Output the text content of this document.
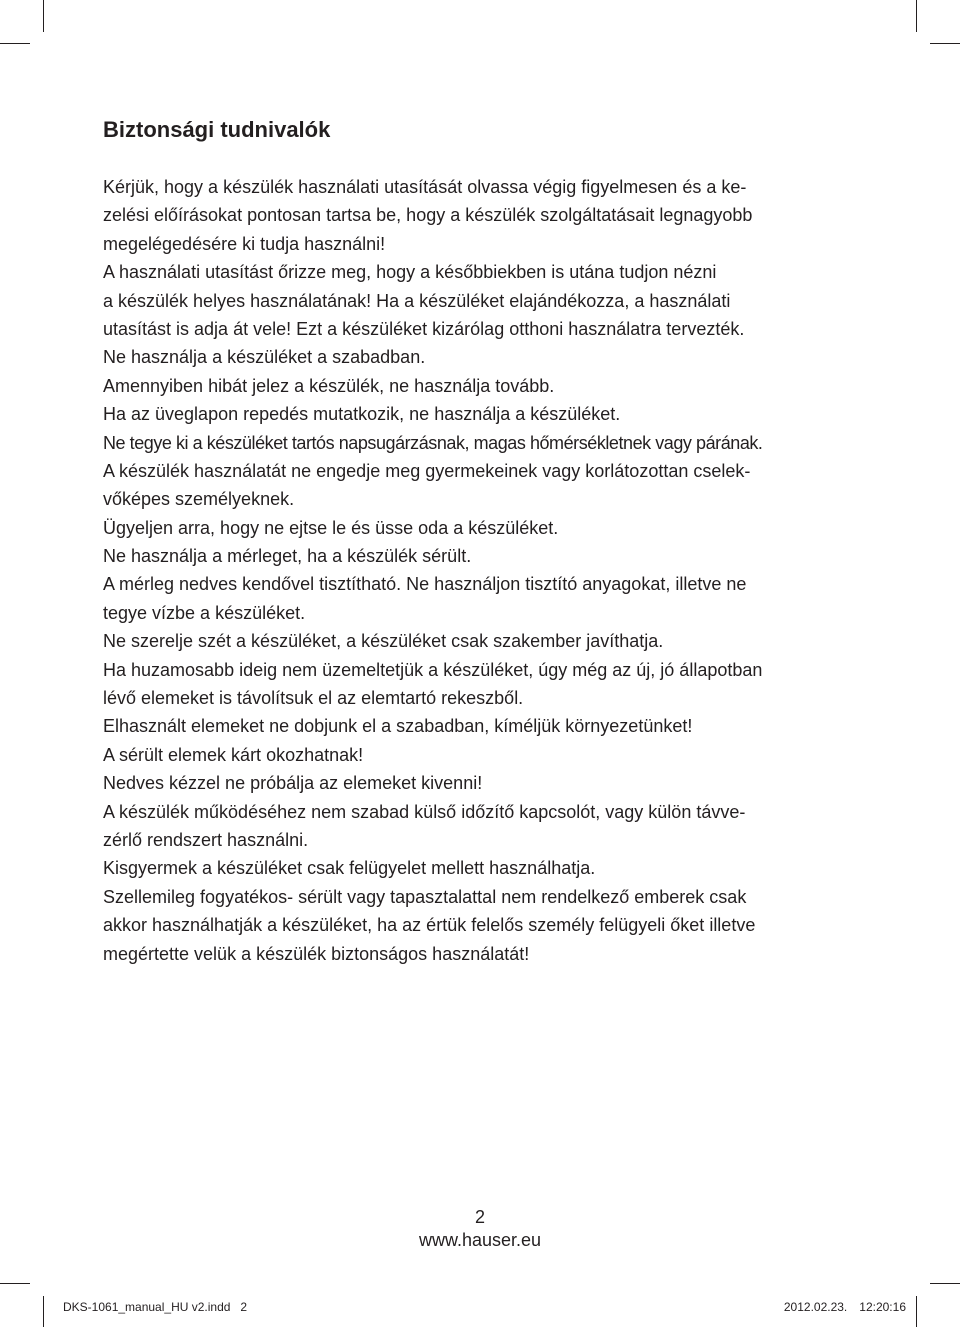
Biztonsági tudnivalók
Kérjük, hogy a készülék használati utasítását olvassa végig figyelmesen és a ke-
zelési előírásokat pontosan tartsa be, hogy a készülék szolgáltatásait legnagyobb
megelégedésére ki tudja használni!
A használati utasítást őrizze meg, hogy a későbbiekben is utána tudjon nézni
a készülék helyes használatának! Ha a készüléket elajándékozza, a használati
utasítást is adja át vele! Ezt a készüléket kizárólag otthoni használatra tervezték.
Ne használja a készüléket a szabadban.
Amennyiben hibát jelez a készülék, ne használja tovább.
Ha az üveglapon repedés mutatkozik, ne használja a készüléket.
Ne tegye ki a készüléket tartós napsugárzásnak, magas hőmérsékletnek vagy párának.
A készülék használatát ne engedje meg gyermekeinek vagy korlátozottan cselek-
vőképes személyeknek.
Ügyeljen arra, hogy ne ejtse le és üsse oda a készüléket.
Ne használja a mérleget, ha a készülék sérült.
A mérleg nedves kendővel tisztítható. Ne használjon tisztító anyagokat, illetve ne
tegye vízbe a készüléket.
Ne szerelje szét a készüléket, a készüléket csak szakember javíthatja.
Ha huzamosabb ideig nem üzemeltetjük a készüléket, úgy még az új, jó állapotban
lévő elemeket is távolítsuk el az elemtartó rekeszből.
Elhasznált elemeket ne dobjunk el a szabadban, kíméljük környezetünket!
A sérült elemek kárt okozhatnak!
Nedves kézzel ne próbálja az elemeket kivenni!
A készülék működéséhez nem szabad külső időzítő kapcsolót, vagy külön távve-
zérlő rendszert használni.
Kisgyermek a készüléket csak felügyelet mellett használhatja.
Szellemileg fogyatékos- sérült vagy tapasztalattal nem rendelkező emberek csak
akkor használhatják a készüléket, ha az értük felelős személy felügyeli őket illetve
megértette velük a készülék biztonságos használatát!
2
www.hauser.eu
DKS-1061_manual_HU v2.indd   2	2012.02.23. 12:20:16
